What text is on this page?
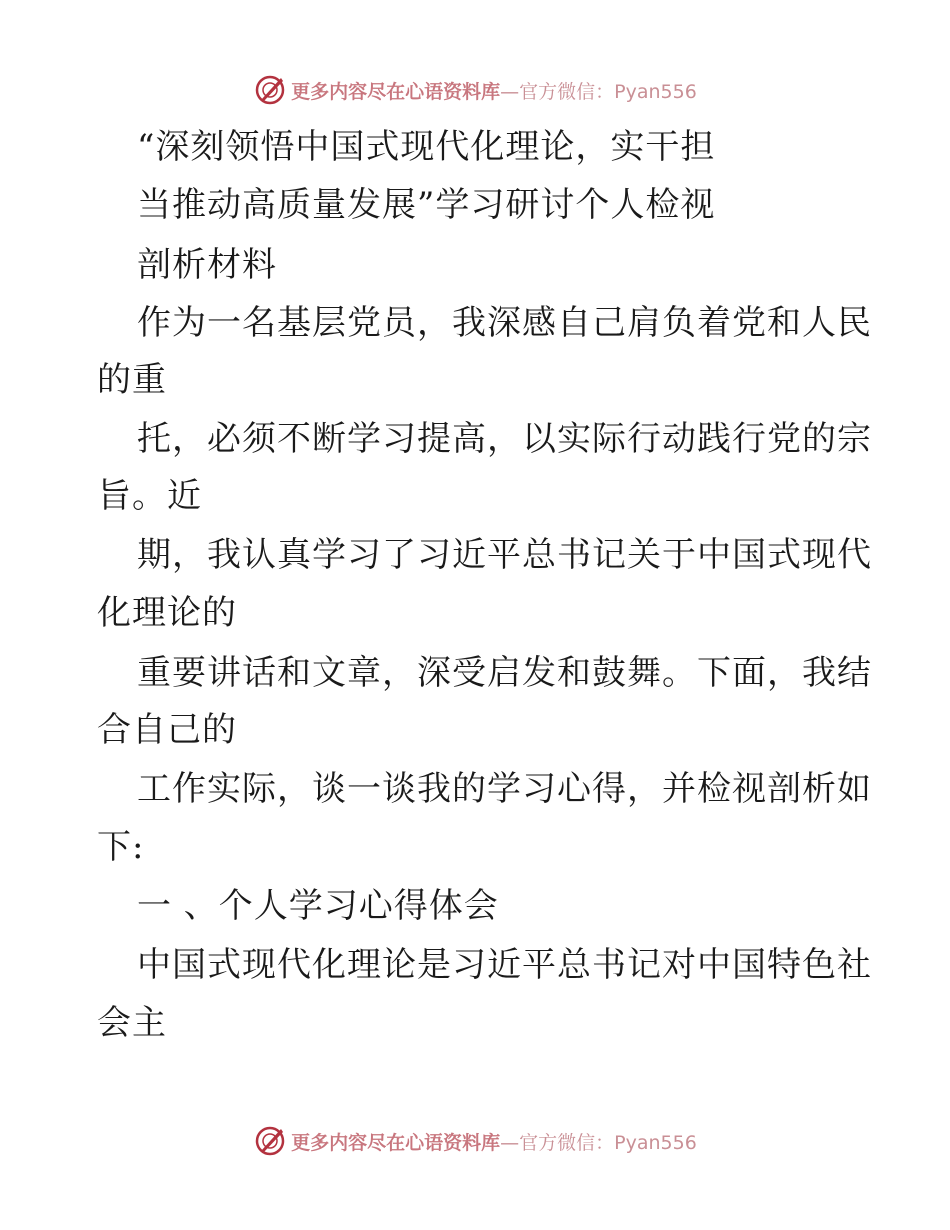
更多内容尽在心语资料库 —官方微信：Pyan556
“深刻领悟中国式现代化理论，实干担
当推动高质量发展”学习研讨个人检视
剖析材料
作为一名基层党员，我深感自己肩负着党和人民
的重
托，必须不断学习提高，以实际行动践行党的宗
旨。近
期，我认真学习了习近平总书记关于中国式现代
化理论的
重要讲话和文章，深受启发和鼓舞。下面，我结
合自己的
工作实际，谈一谈我的学习心得，并检视剖析如
下:
一 、个人学习心得体会
中国式现代化理论是习近平总书记对中国特色社
会主
更多内容尽在心语资料库 —官方微信：Pyan556
